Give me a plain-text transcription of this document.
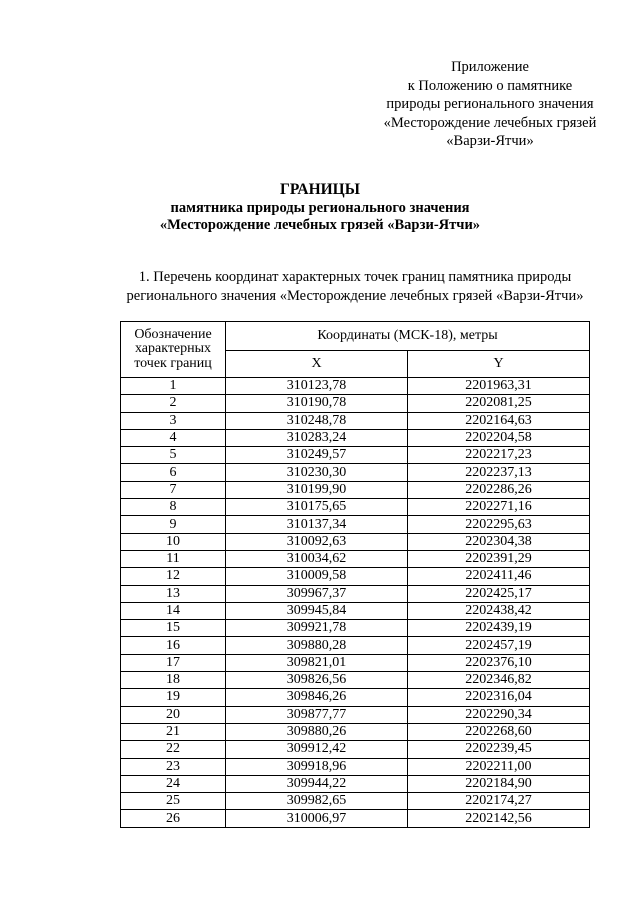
Приложение
к Положению о памятнике
природы регионального значения
«Месторождение лечебных грязей
«Варзи-Ятчи»
ГРАНИЦЫ
памятника природы регионального значения
«Месторождение лечебных грязей «Варзи-Ятчи»
1. Перечень координат характерных точек границ памятника природы
регионального значения «Месторождение лечебных грязей «Варзи-Ятчи»
Обозначение
характерных
точек границ	Координаты (МСК-18), метры	
	X	Y
1	310123,78	2201963,31
2	310190,78	2202081,25
3	310248,78	2202164,63
4	310283,24	2202204,58
5	310249,57	2202217,23
6	310230,30	2202237,13
7	310199,90	2202286,26
8	310175,65	2202271,16
9	310137,34	2202295,63
10	310092,63	2202304,38
11	310034,62	2202391,29
12	310009,58	2202411,46
13	309967,37	2202425,17
14	309945,84	2202438,42
15	309921,78	2202439,19
16	309880,28	2202457,19
17	309821,01	2202376,10
18	309826,56	2202346,82
19	309846,26	2202316,04
20	309877,77	2202290,34
21	309880,26	2202268,60
22	309912,42	2202239,45
23	309918,96	2202211,00
24	309944,22	2202184,90
25	309982,65	2202174,27
26	310006,97	2202142,56
